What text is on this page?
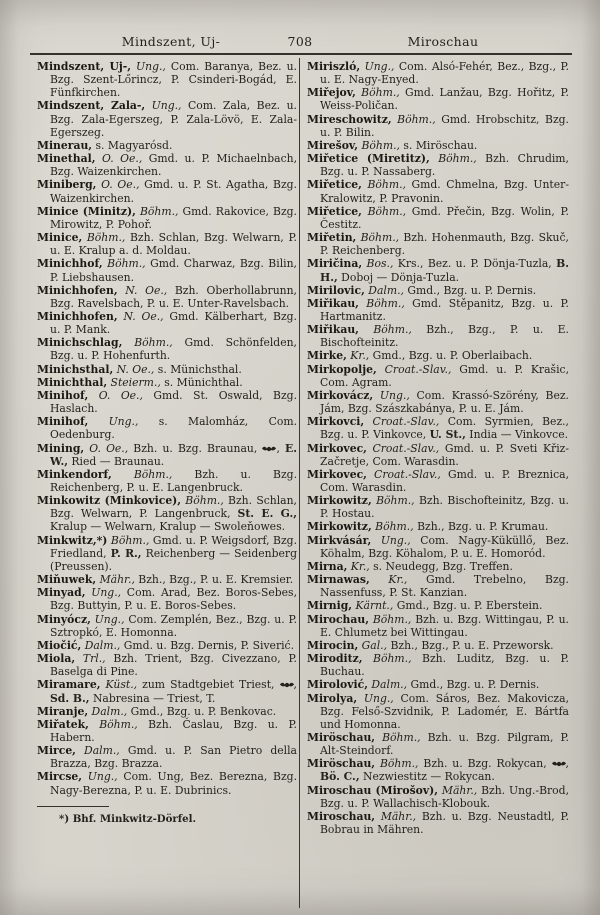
Mindszent, Uj-	708	Miroschau

Mindszent, Uj-, Ung., Com. Baranya, Bez. u. Bzg. Szent-Lőrincz, P. Csinderi-Bogád, E. Fünfkirchen.

Mindszent, Zala-, Ung., Com. Zala, Bez. u. Bzg. Zala-Egerszeg, P. Zala-Lövö, E. Zala-Egerszeg.

Minerau, s. Magyarósd.

Minethal, O. Oe., Gmd. u. P. Michaelnbach, Bzg. Waizenkirchen.

Miniberg, O. Oe., Gmd. u. P. St. Agatha, Bzg. Waizenkirchen.

Minice (Minitz), Böhm., Gmd. Rakovice, Bzg. Mirowitz, P. Pohoř.

Minice, Böhm., Bzh. Schlan, Bzg. Welwarn, P. u. E. Kralup a. d. Moldau.

Minichhof, Böhm., Gmd. Charwaz, Bzg. Bilin, P. Liebshausen.

Minichhofen, N. Oe., Bzh. Oberhollabrunn, Bzg. Ravelsbach, P. u. E. Unter-Ravelsbach.

Minichhofen, N. Oe., Gmd. Kälberhart, Bzg. u. P. Mank.

Minichschlag, Böhm., Gmd. Schönfelden, Bzg. u. P. Hohenfurth.

Minichsthal, N. Oe., s. Münichsthal.

Minichthal, Steierm., s. Münichthal.

Minihof, O. Oe., Gmd. St. Oswald, Bzg. Haslach.

Minihof, Ung., s. Malomház, Com. Oedenburg.

Mining, O. Oe., Bzh. u. Bzg. Braunau, , E. W., Ried — Braunau.

Minkendorf, Böhm., Bzh. u. Bzg. Reichenberg, P. u. E. Langenbruck.

Minkowitz (Minkovice), Böhm., Bzh. Schlan, Bzg. Welwarn, P. Langenbruck, St. E. G., Kralup — Welwarn, Kralup — Swoleňowes.

Minkwitz,*) Böhm., Gmd. u. P. Weigsdorf, Bzg. Friedland, P. R., Reichenberg — Seidenberg (Preussen).

Miňuwek, Mähr., Bzh., Bzg., P. u. E. Kremsier.

Minyad, Ung., Com. Arad, Bez. Boros-Sebes, Bzg. Buttyin, P. u. E. Boros-Sebes.

Minyócz, Ung., Com. Zemplén, Bez., Bzg. u. P. Sztropkó, E. Homonna.

Miočić, Dalm., Gmd. u. Bzg. Dernis, P. Siverić.

Miola, Trl., Bzh. Trient, Bzg. Civezzano, P. Baselga di Pine.

Miramare, Küst., zum Stadtgebiet Triest, , Sd. B., Nabresina — Triest, T.

Miranje, Dalm., Gmd., Bzg. u. P. Benkovac.

Miřatek, Böhm., Bzh. Časlau, Bzg. u. P. Habern.

Mirce, Dalm., Gmd. u. P. San Pietro della Brazza, Bzg. Brazza.

Mircse, Ung., Com. Ung, Bez. Berezna, Bzg. Nagy-Berezna, P. u. E. Dubrinics.

*) Bhf. Minkwitz-Dörfel.

Miriszló, Ung., Com. Alsó-Fehér, Bez., Bzg., P. u. E. Nagy-Enyed.

Miřejov, Böhm., Gmd. Lanžau, Bzg. Hořitz, P. Weiss-Poličan.

Mireschowitz, Böhm., Gmd. Hrobschitz, Bzg. u. P. Bilin.

Mirešov, Böhm., s. Miröschau.

Miřetice (Miretitz), Böhm., Bzh. Chrudim, Bzg. u. P. Nassaberg.

Miřetice, Böhm., Gmd. Chmelna, Bzg. Unter-Kralowitz, P. Pravonin.

Miřetice, Böhm., Gmd. Přečin, Bzg. Wolin, P. Čestitz.

Miřetin, Böhm., Bzh. Hohenmauth, Bzg. Skuč, P. Reichenberg.

Miričina, Bos., Krs., Bez. u. P. Dönja-Tuzla, B. H., Doboj — Dönja-Tuzla.

Mirilovic, Dalm., Gmd., Bzg. u. P. Dernis.

Miřikau, Böhm., Gmd. Stěpanitz, Bzg. u. P. Hartmanitz.

Miřikau, Böhm., Bzh., Bzg., P. u. E. Bischofteinitz.

Mirke, Kr., Gmd., Bzg. u. P. Oberlaibach.

Mirkopolje, Croat.-Slav., Gmd. u. P. Krašic, Com. Agram.

Mirkovácz, Ung., Com. Krassó-Szörény, Bez. Jám, Bzg. Szászkabánya, P. u. E. Jám.

Mirkovci, Croat.-Slav., Com. Syrmien, Bez., Bzg. u. P. Vinkovce, U. St., India — Vinkovce.

Mirkovec, Croat.-Slav., Gmd. u. P. Sveti Křiz-Začretje, Com. Warasdin.

Mirkovec, Croat.-Slav., Gmd. u. P. Breznica, Com. Warasdin.

Mirkowitz, Böhm., Bzh. Bischofteinitz, Bzg. u. P. Hostau.

Mirkowitz, Böhm., Bzh., Bzg. u. P. Krumau.

Mirkvásár, Ung., Com. Nagy-Küküllő, Bez. Köhalm, Bzg. Köhalom, P. u. E. Homoród.

Mirna, Kr., s. Neudegg, Bzg. Treffen.

Mirnawas, Kr., Gmd. Trebelno, Bzg. Nassenfuss, P. St. Kanzian.

Mirnig, Kärnt., Gmd., Bzg. u. P. Eberstein.

Mirochau, Böhm., Bzh. u. Bzg. Wittingau, P. u. E. Chlumetz bei Wittingau.

Mirocin, Gal., Bzh., Bzg., P. u. E. Przeworsk.

Miroditz, Böhm., Bzh. Luditz, Bzg. u. P. Buchau.

Mirolović, Dalm., Gmd., Bzg. u. P. Dernis.

Mirolya, Ung., Com. Sáros, Bez. Makovicza, Bzg. Felső-Szvidnik, P. Ladomér, E. Bártfa und Homonna.

Miröschau, Böhm., Bzh. u. Bzg. Pilgram, P. Alt-Steindorf.

Miröschau, Böhm., Bzh. u. Bzg. Rokycan, , Bö. C., Nezwiestitz — Rokycan.

Miroschau (Mirošov), Mähr., Bzh. Ung.-Brod, Bzg. u. P. Wallachisch-Klobouk.

Miroschau, Mähr., Bzh. u. Bzg. Neustadtl, P. Bobrau in Mähren.
